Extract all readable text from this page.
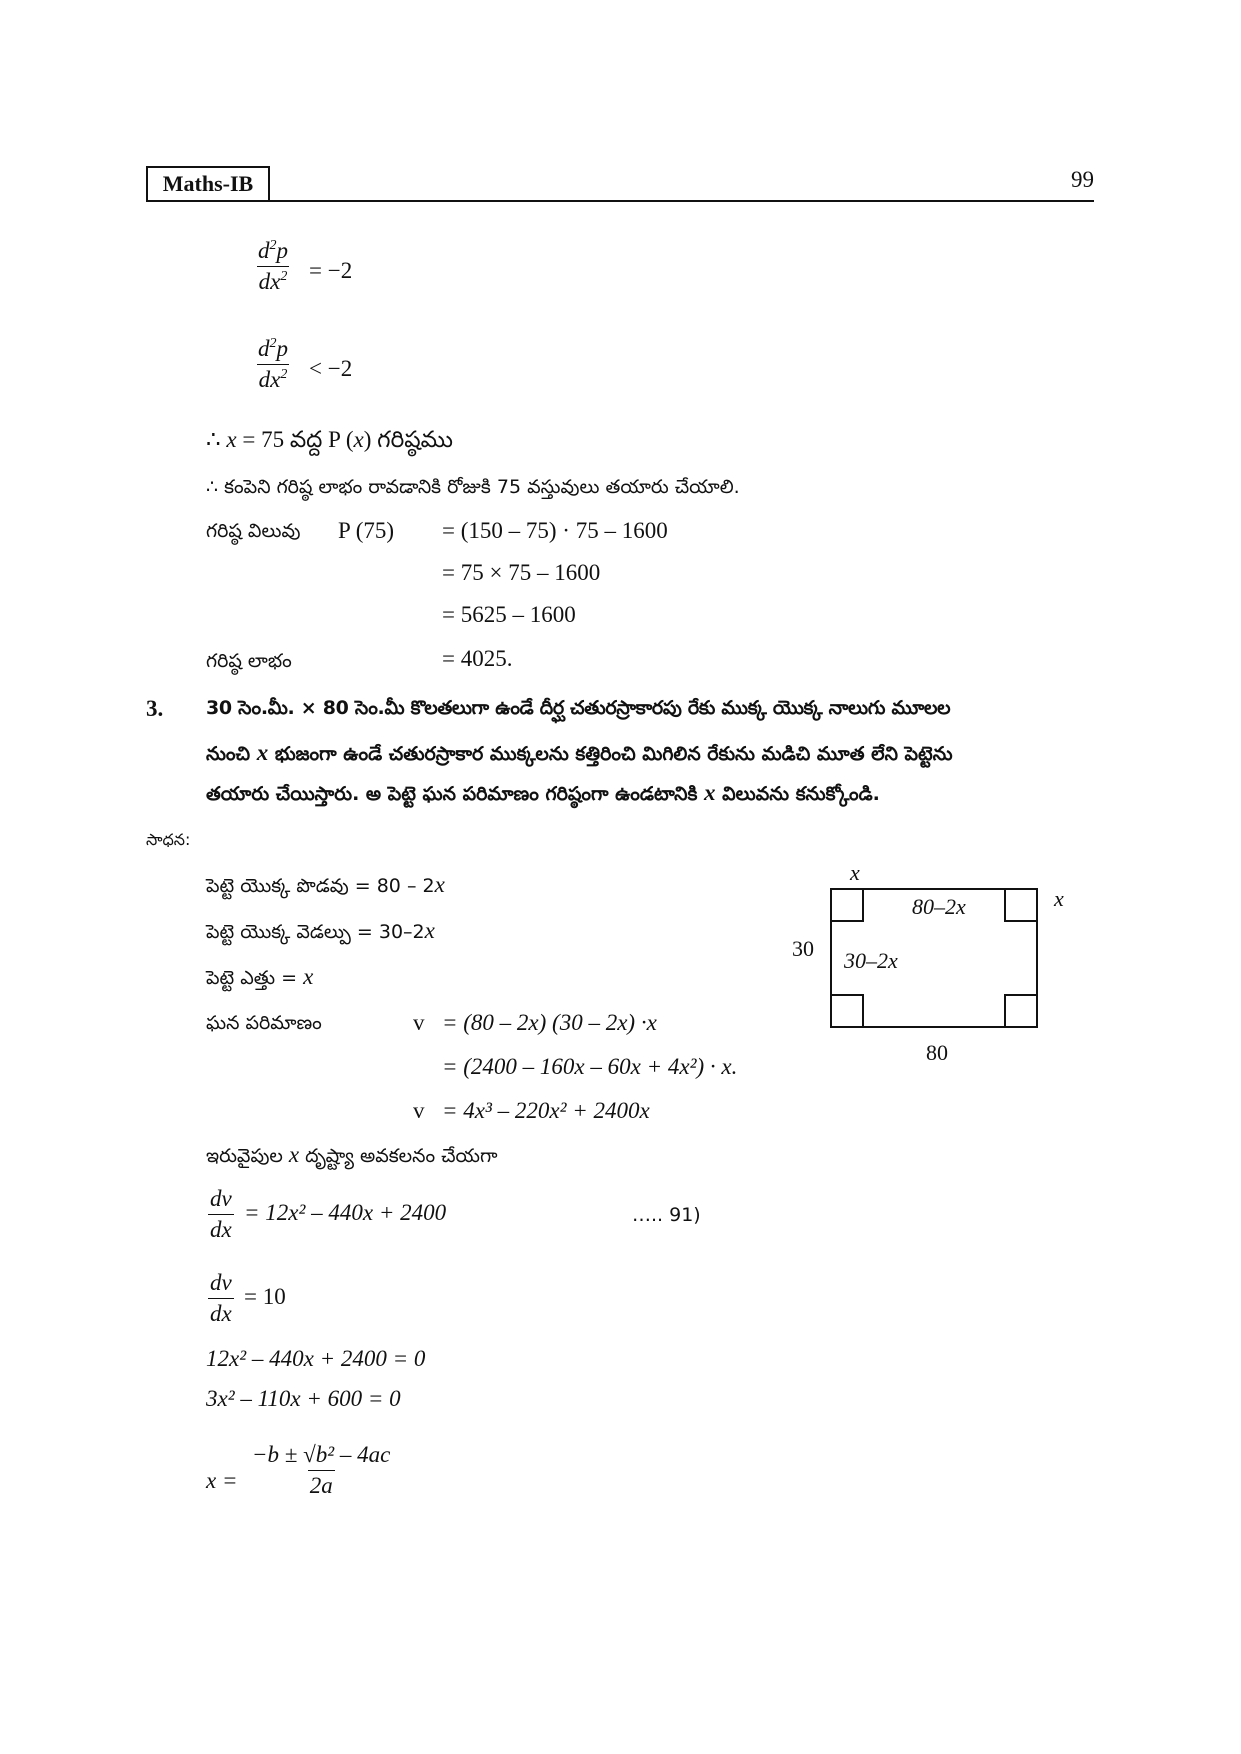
Maths-IB	99
$\frac{d^2p}{dx^2} = -2$
$\frac{d^2p}{dx^2} < -2$
∴ x = 75 వద్ద P (x) గరిష్ఠము
∴ కంపెని గరిష్ఠ లాభం రావడానికి రోజుకి 75 వస్తువులు తయారు చేయాలి.
గరిష్ఠ విలువు P (75) = (150 – 75) · 75 – 1600
= 75 × 75 – 1600
= 5625 – 1600
గరిష్ఠ లాభం	= 4025.
3. 30 సెం.మీ. × 80 సెం.మీ కొలతలుగా ఉండే దీర్ఘ చతురస్రాకారపు రేకు ముక్క యొక్క నాలుగు మూలల
నుంచి x భుజంగా ఉండే చతురస్రాకార ముక్కలను కత్తిరించి మిగిలిన రేకును మడిచి మూత లేని పెట్టెను
తయారు చేయిస్తారు. అ పెట్టె ఘన పరిమాణం గరిష్ఠంగా ఉండటానికి x విలువను కనుక్కోండి.
సాధన:
పెట్టె యొక్క పొడవు = 80 – 2x
పెట్టె యొక్క వెడల్పు = 30–2x
పెట్టె ఎత్తు = x
ఘన పరిమాణం	v = (80 – 2x) (30 – 2x) ·x
= (2400 – 160x – 60x + 4x²) · x.
v = 4x³ – 220x² + 2400x
ఇరువైపుల x దృష్ట్యా అవకలనం చేయగా
$\frac{dv}{dx} = 12x^2 - 440x + 2400$	….. 91)
$\frac{dv}{dx} = 10$
12x² – 440x + 2400 = 0
3x² – 110x + 600 = 0
$x = \frac{\text{−b ± √b² – 4ac}}{2a}$
x
x
80–2x
30–2x
30
80
